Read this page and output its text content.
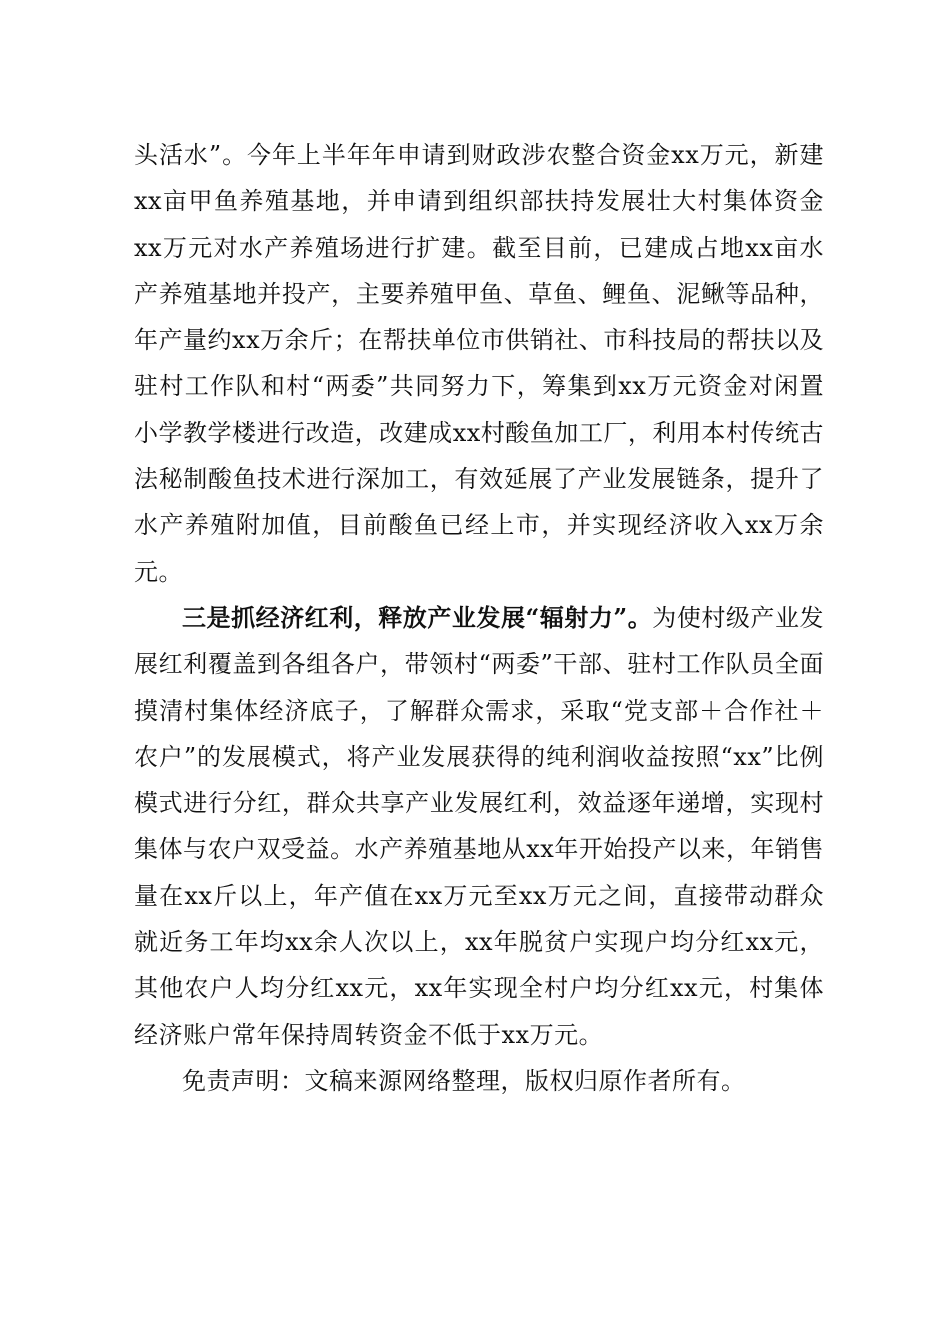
头活水”。今年上半年年申请到财政涉农整合资金xx万元，新建xx亩甲鱼养殖基地，并申请到组织部扶持发展壮大村集体资金xx万元对水产养殖场进行扩建。截至目前，已建成占地xx亩水产养殖基地并投产，主要养殖甲鱼、草鱼、鲤鱼、泥鳅等品种，年产量约xx万余斤；在帮扶单位市供销社、市科技局的帮扶以及驻村工作队和村“两委”共同努力下，筹集到xx万元资金对闲置小学教学楼进行改造，改建成xx村酸鱼加工厂，利用本村传统古法秘制酸鱼技术进行深加工，有效延展了产业发展链条，提升了水产养殖附加值，目前酸鱼已经上市，并实现经济收入xx万余元。

三是抓经济红利，释放产业发展“辐射力”。为使村级产业发展红利覆盖到各组各户，带领村“两委”干部、驻村工作队员全面摸清村集体经济底子，了解群众需求，采取“党支部＋合作社＋农户”的发展模式，将产业发展获得的纯利润收益按照“xx”比例模式进行分红，群众共享产业发展红利，效益逐年递增，实现村集体与农户双受益。水产养殖基地从xx年开始投产以来，年销售量在xx斤以上，年产值在xx万元至xx万元之间，直接带动群众就近务工年均xx余人次以上，xx年脱贫户实现户均分红xx元，其他农户人均分红xx元，xx年实现全村户均分红xx元，村集体经济账户常年保持周转资金不低于xx万元。

免责声明：文稿来源网络整理，版权归原作者所有。
